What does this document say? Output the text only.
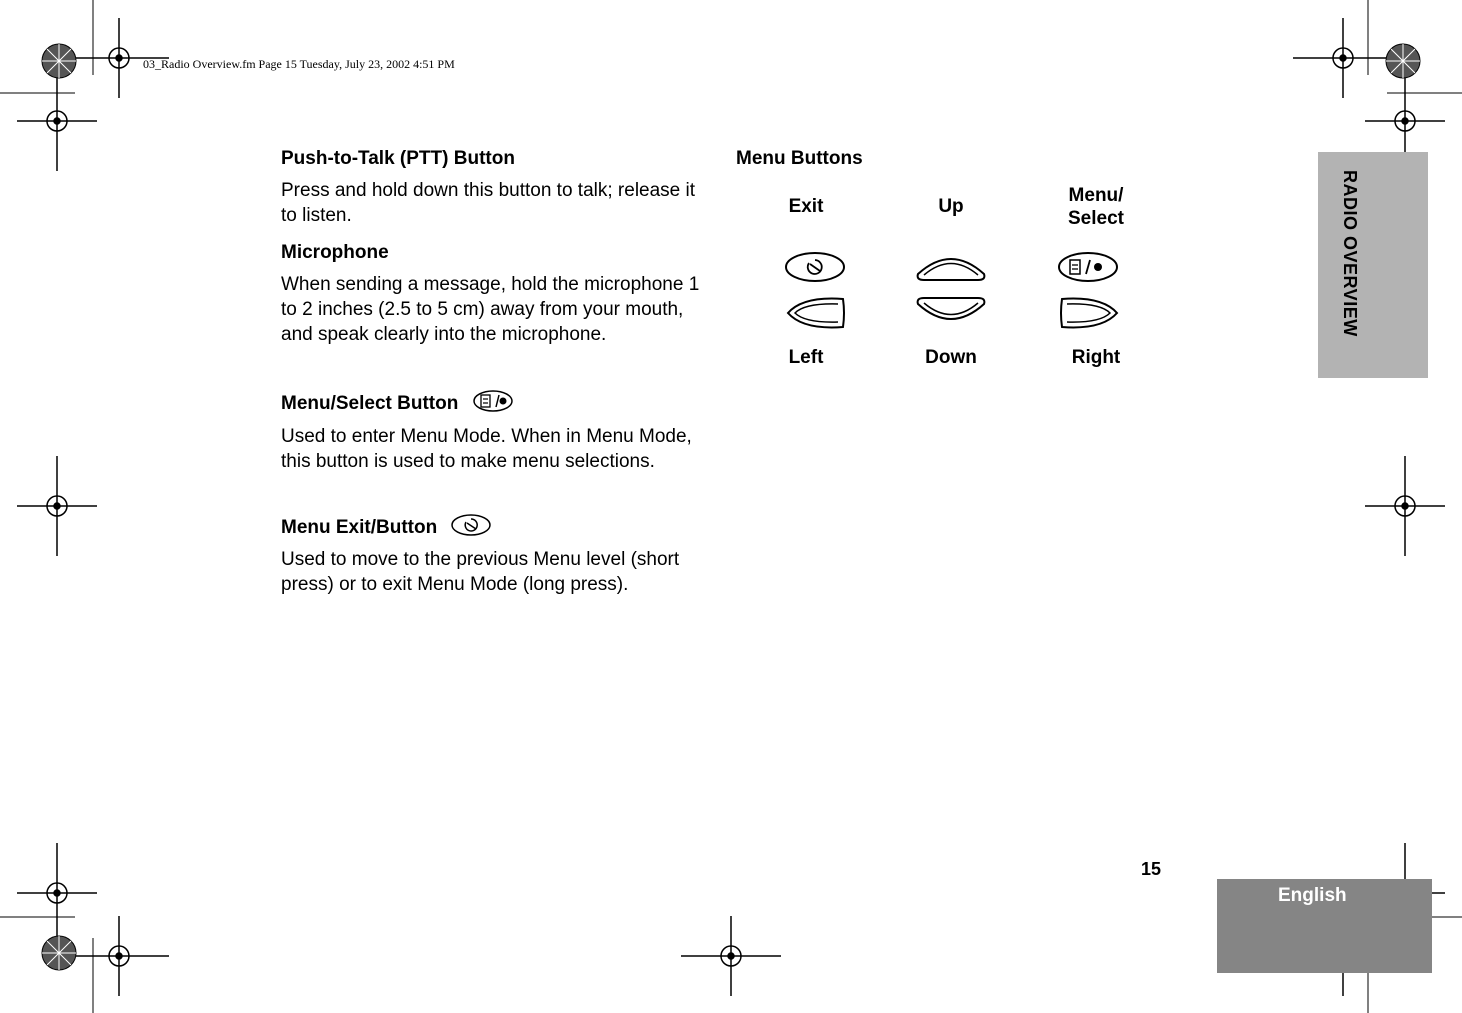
03_Radio Overview.fm Page 15 Tuesday, July 23, 2002 4:51 PM
RADIO OVERVIEW
Push-to-Talk (PTT) Button
Press and hold down this button to talk; release it to listen.
Microphone
When sending a message, hold the microphone 1 to 2 inches (2.5 to 5 cm) away from your mouth, and speak clearly into the microphone.
Menu/Select Button
Used to enter Menu Mode. When in Menu Mode, this button is used to make menu selections.
Menu Exit/Button
Used to move to the previous Menu level (short press) or to exit Menu Mode (long press).
Menu Buttons
Exit	Up
Menu/
Select
Left	Down	Right
15
English
